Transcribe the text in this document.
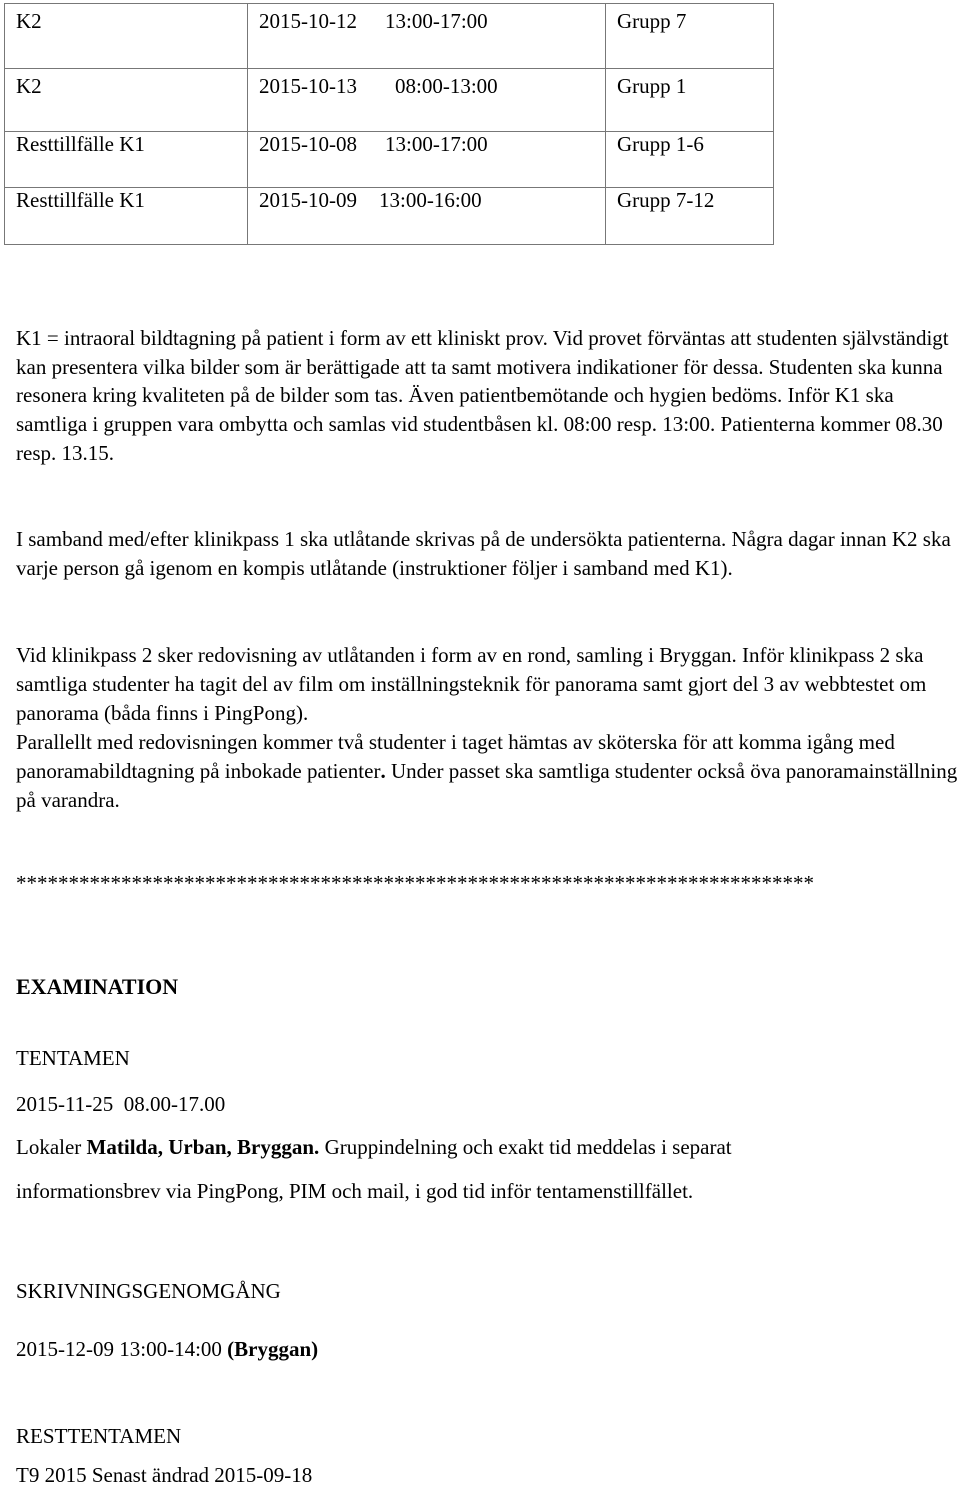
K2	2015-10-12 13:00-17:00	Grupp 7
K2	2015-10-13 08:00-13:00	Grupp 1
Resttillfälle K1	2015-10-08 13:00-17:00	Grupp 1-6
Resttillfälle K1	2015-10-09 13:00-16:00	Grupp 7-12

K1 = intraoral bildtagning på patient i form av ett kliniskt prov. Vid provet förväntas att studenten självständigt kan presentera vilka bilder som är berättigade att ta samt motivera indikationer för dessa. Studenten ska kunna resonera kring kvaliteten på de bilder som tas. Även patientbemötande och hygien bedöms. Inför K1 ska samtliga i gruppen vara ombytta och samlas vid studentbåsen kl. 08:00 resp. 13:00. Patienterna kommer 08.30 resp. 13.15.

I samband med/efter klinikpass 1 ska utlåtande skrivas på de undersökta patienterna. Några dagar innan K2 ska varje person gå igenom en kompis utlåtande (instruktioner följer i samband med K1).

Vid klinikpass 2 sker redovisning av utlåtanden i form av en rond, samling i Bryggan. Inför klinikpass 2 ska samtliga studenter ha tagit del av film om inställningsteknik för panorama samt gjort del 3 av webbtestet om panorama (båda finns i PingPong).
Parallellt med redovisningen kommer två studenter i taget hämtas av sköterska för att komma igång med panoramabildtagning på inbokade patienter. Under passet ska samtliga studenter också öva panoramainställning på varandra.

****************************************************************************

EXAMINATION

TENTAMEN

2015-11-25  08.00-17.00

Lokaler Matilda, Urban, Bryggan. Gruppindelning och exakt tid meddelas i separat

informationsbrev via PingPong, PIM och mail, i god tid inför tentamenstillfället.

SKRIVNINGSGENOMGÅNG

2015-12-09 13:00-14:00 (Bryggan)

RESTTENTAMEN

T9 2015 Senast ändrad 2015-09-18
